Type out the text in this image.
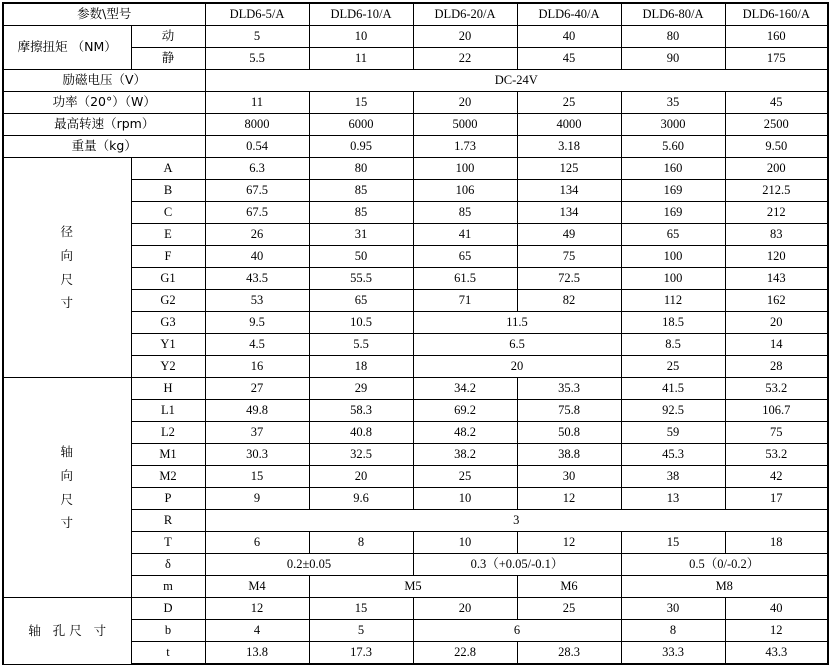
参数\型号		DLD6-5/A	DLD6-10/A	DLD6-20/A	DLD6-40/A	DLD6-80/A	DLD6-160/A
摩擦扭矩 （NM）	动	5	10	20	40	80	160
	静	5.5	11	22	45	90	175
励磁电压（V）		DC-24V					
功率（20°）（W）		11	15	20	25	35	45
最高转速（rpm）		8000	6000	5000	4000	3000	2500
重量（kg）		0.54	0.95	1.73	3.18	5.60	9.50

径
向
尺
寸	A	6.3	80	100	125	160	200
	B	67.5	85	106	134	169	212.5
	C	67.5	85	85	134	169	212
	E	26	31	41	49	65	83
	F	40	50	65	75	100	120
	G1	43.5	55.5	61.5	72.5	100	143
	G2	53	65	71	82	112	162
	G3	9.5	10.5	11.5		18.5	20
	Y1	4.5	5.5	6.5		8.5	14
	Y2	16	18	20		25	28

轴
向
尺
寸	H	27	29	34.2	35.3	41.5	53.2
	L1	49.8	58.3	69.2	75.8	92.5	106.7
	L2	37	40.8	48.2	50.8	59	75
	M1	30.3	32.5	38.2	38.8	45.3	53.2
	M2	15	20	25	30	38	42
	P	9	9.6	10	12	13	17
	R	3					
	T	6	8	10	12	15	18
	δ	0.2±0.05		0.3（+0.05/-0.1）		0.5（0/-0.2）	
	m	M4	M5		M6	M8	
轴   孔 尺   寸	D	12	15	20	25	30	40
	b	4	5	6		8	12
	t	13.8	17.3	22.8	28.3	33.3	43.3
